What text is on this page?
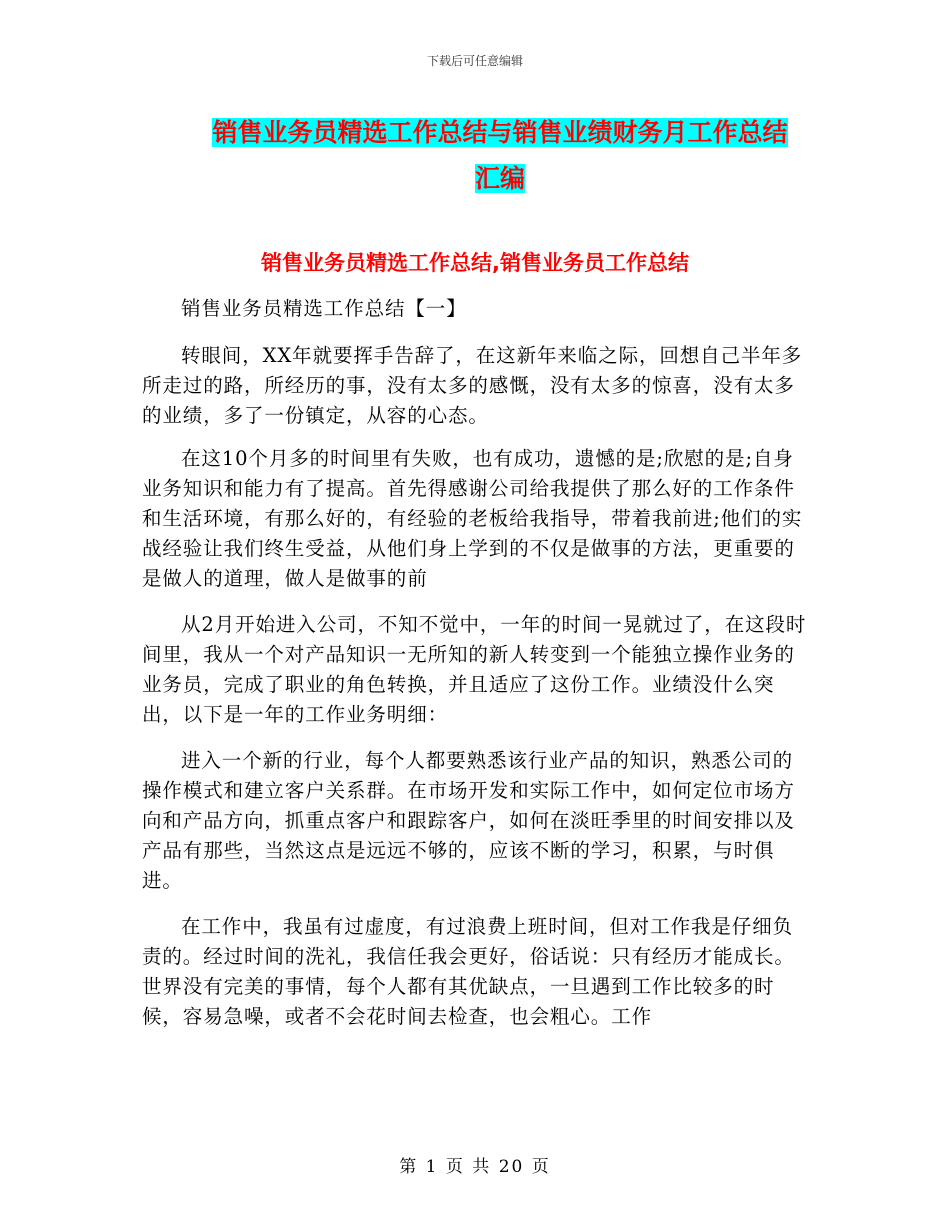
下载后可任意编辑
销售业务员精选工作总结与销售业绩财务月工作总结
汇编
销售业务员精选工作总结,销售业务员工作总结

销售业务员精选工作总结【一】

转眼间，XX年就要挥手告辞了，在这新年来临之际，回想自己半年多所走过的路，所经历的事，没有太多的感慨，没有太多的惊喜，没有太多的业绩，多了一份镇定，从容的心态。

在这10个月多的时间里有失败，也有成功，遗憾的是;欣慰的是;自身业务知识和能力有了提高。首先得感谢公司给我提供了那么好的工作条件和生活环境，有那么好的，有经验的老板给我指导，带着我前进;他们的实战经验让我们终生受益，从他们身上学到的不仅是做事的方法，更重要的是做人的道理，做人是做事的前

从2月开始进入公司，不知不觉中，一年的时间一晃就过了，在这段时间里，我从一个对产品知识一无所知的新人转变到一个能独立操作业务的业务员，完成了职业的角色转换，并且适应了这份工作。业绩没什么突出，以下是一年的工作业务明细：

进入一个新的行业，每个人都要熟悉该行业产品的知识，熟悉公司的操作模式和建立客户关系群。在市场开发和实际工作中，如何定位市场方向和产品方向，抓重点客户和跟踪客户，如何在淡旺季里的时间安排以及产品有那些，当然这点是远远不够的，应该不断的学习，积累，与时俱进。

在工作中，我虽有过虚度，有过浪费上班时间，但对工作我是仔细负责的。经过时间的洗礼，我信任我会更好，俗话说：只有经历才能成长。世界没有完美的事情，每个人都有其优缺点，一旦遇到工作比较多的时候，容易急噪，或者不会花时间去检查，也会粗心。工作

第 1 页 共 20 页
